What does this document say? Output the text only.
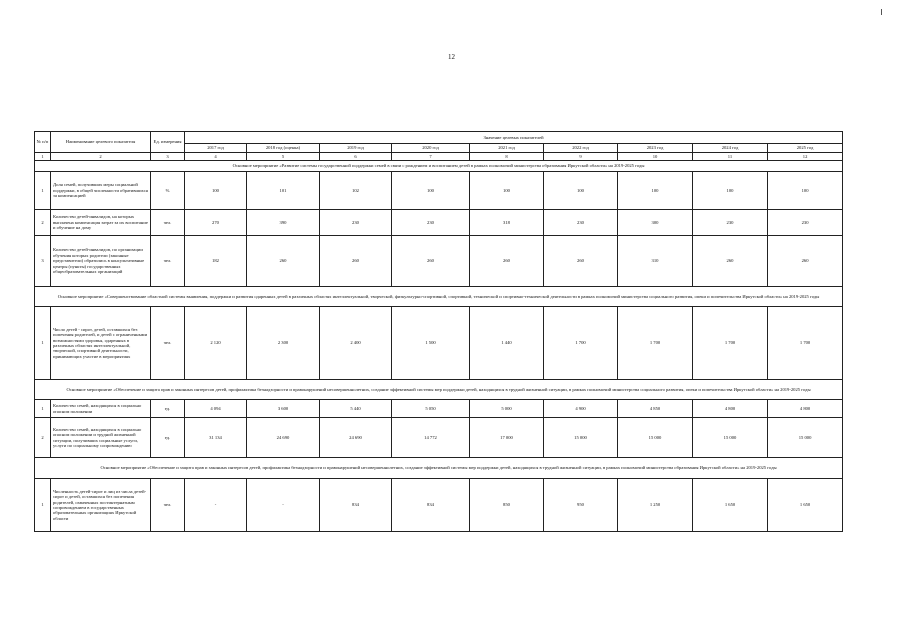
12
№ п/п	Наименование целевого показателя	Ед. измерения	Значение целевых показателей								
			2017 год	2018 год (оценка)	2019 год	2020 год	2021 год	2022 год	2023 год	2024 год	2025 год
1	2	3	4	5	6	7	8	9	10	11	12
Основное мероприятие «Развитие системы государственной поддержки семей в связи с рождением и воспитанием детей в рамках полномочий министерства образования Иркутской области» на 2019-2025 годы											
1	Доля семей, получивших меры социальной поддержки, в общей численности обратившихся за компенсацией	%	100	101	102	100	100	100	100	100	100
2	Количество детей-инвалидов, на которых выплачена компенсация затрат за их воспитание и обучение на дому	чел.	270	390	230	230	318	230	300	230	230
3	Количество детей-инвалидов, по организации обучения которых родители (законные представители) обратились в консультативные центры (пункты) государственных общеобразовательных организаций	чел.	182	260	260	260	260	260	310	260	260
Основное мероприятие «Совершенствование областной системы выявления, поддержки и развития одаренных детей в различных областях интеллектуальной, творческой, физкультурно-спортивной, спортивной, технической и спортивно-технической деятельности в рамках полномочий министерства социального развития, опеки и попечительства Иркутской области» на 2019-2025 годы											
1	Число детей - сирот, детей, оставшихся без попечения родителей, и детей с ограниченными возможностями здоровья, одаренных в различных областях интеллектуальной, творческой, спортивной деятельности, принимающих участие в мероприятиях	чел.	2 120	2 300	2 400	1 500	1 440	1 700	1 700	1 700	1 700
Основное мероприятие «Обеспечение и защита прав и законных интересов детей, профилактика безнадзорности и правонарушений несовершеннолетних, создание эффективной системы мер поддержки детей, находящихся в трудной жизненной ситуации, в рамках полномочий министерства социального развития, опеки и попечительства Иркутской области» на 2019-2025 годы											
1	Количество семей, находящихся в социально опасном положении	ед.	4 094	3 600	5 440	5 050	5 000	4 900	4 850	4 800	4 800
2	Количество семей, находящихся в социально опасном положении и трудной жизненной ситуации, получивших социальные услуги, услуги по социальному сопровождению	ед.	31 134	24 690	24 690	14 772	17 000	15 000	15 000	15 000	15 000
Основное мероприятие «Обеспечение и защита прав и законных интересов детей, профилактика безнадзорности и правонарушений несовершеннолетних, создание эффективной системы мер поддержки детей, находящихся в трудной жизненной ситуации, в рамках полномочий министерства образования Иркутской области» на 2019-2025 годы											
1	Численность детей-сирот и лиц из числа детей-сирот и детей, оставшихся без попечения родителей, охваченных постинтернатным сопровождением в государственных образовательных организациях Иркутской области	чел.	-	-	834	834	850	950	1 250	1 650	1 650
